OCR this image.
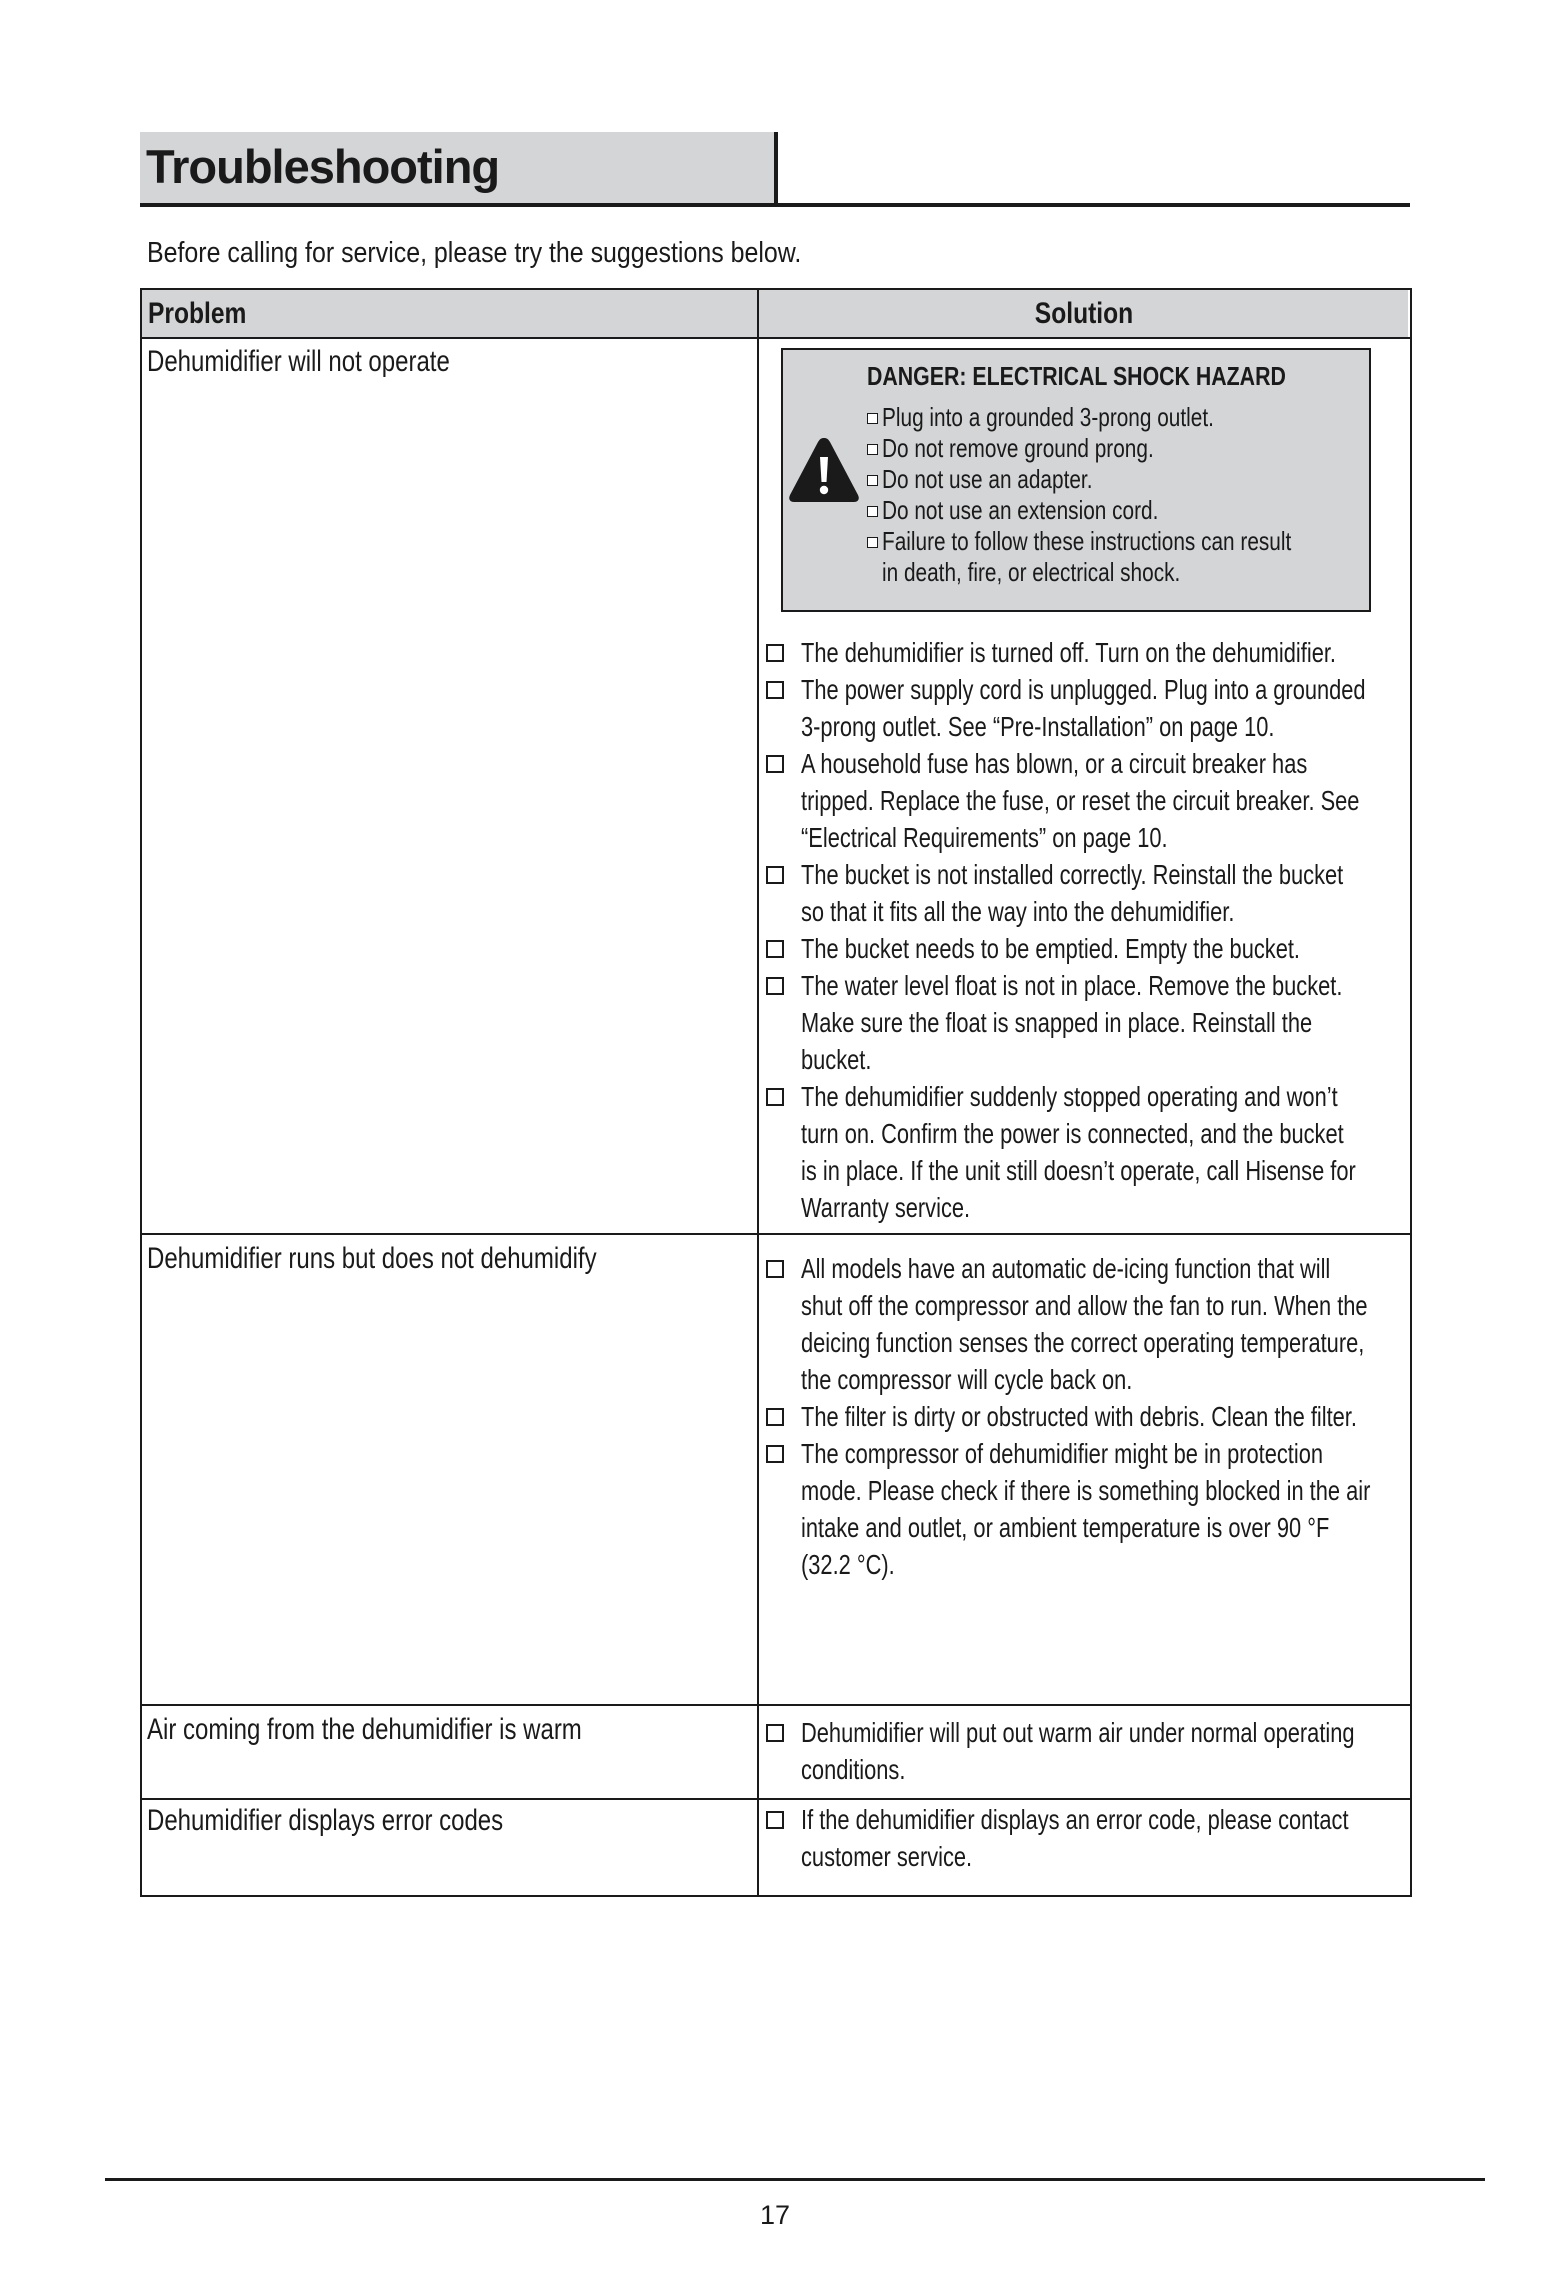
Troubleshooting
Before calling for service, please try the suggestions below.
Problem	Solution
Dehumidifier will not operate
Dehumidifier runs but does not dehumidify
Air coming from the dehumidifier is warm
Dehumidifier displays error codes
DANGER: ELECTRICAL SHOCK HAZARD
Plug into a grounded 3-prong outlet.
Do not remove ground prong.
Do not use an adapter.
Do not use an extension cord.
Failure to follow these instructions can result
in death, fire, or electrical shock.
The dehumidifier is turned off. Turn on the dehumidifier.
The power supply cord is unplugged. Plug into a grounded
3-prong outlet. See “Pre-Installation” on page 10.
A household fuse has blown, or a circuit breaker has
tripped. Replace the fuse, or reset the circuit breaker. See
“Electrical Requirements” on page 10.
The bucket is not installed correctly. Reinstall the bucket
so that it fits all the way into the dehumidifier.
The bucket needs to be emptied. Empty the bucket.
The water level float is not in place. Remove the bucket.
Make sure the float is snapped in place. Reinstall the
bucket.
The dehumidifier suddenly stopped operating and won’t
turn on. Confirm the power is connected, and the bucket
is in place. If the unit still doesn’t operate, call Hisense for
Warranty service.
All models have an automatic de-icing function that will
shut off the compressor and allow the fan to run. When the
deicing function senses the correct operating temperature,
the compressor will cycle back on.
The filter is dirty or obstructed with debris. Clean the filter.
The compressor of dehumidifier might be in protection
mode. Please check if there is something blocked in the air
intake and outlet, or ambient temperature is over 90 °F
(32.2 °C).
Dehumidifier will put out warm air under normal operating
conditions.
If the dehumidifier displays an error code, please contact
customer service.
17
